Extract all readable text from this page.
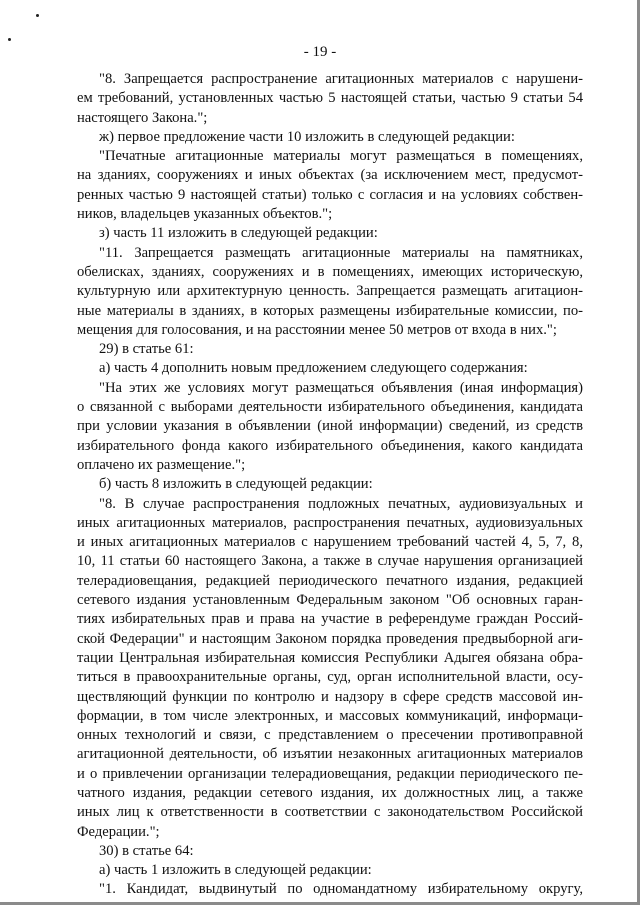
- 19 -
"8. Запрещается распространение агитационных материалов с нарушени-
ем требований, установленных частью 5 настоящей статьи, частью 9 статьи 54
настоящего Закона.";
ж) первое предложение части 10 изложить в следующей редакции:
"Печатные агитационные материалы могут размещаться в помещениях,
на зданиях, сооружениях и иных объектах (за исключением мест, предусмот-
ренных частью 9 настоящей статьи) только с согласия и на условиях собствен-
ников, владельцев указанных объектов.";
з) часть 11 изложить в следующей редакции:
"11. Запрещается размещать агитационные материалы на памятниках,
обелисках, зданиях, сооружениях и в помещениях, имеющих историческую,
культурную или архитектурную ценность. Запрещается размещать агитацион-
ные материалы в зданиях, в которых размещены избирательные комиссии, по-
мещения для голосования, и на расстоянии менее 50 метров от входа в них.";
29) в статье 61:
а) часть 4 дополнить новым предложением следующего содержания:
"На этих же условиях могут размещаться объявления (иная информация)
о связанной с выборами деятельности избирательного объединения, кандидата
при условии указания в объявлении (иной информации) сведений, из средств
избирательного фонда какого избирательного объединения, какого кандидата
оплачено их размещение.";
б) часть 8 изложить в следующей редакции:
"8. В случае распространения подложных печатных, аудиовизуальных и
иных агитационных материалов, распространения печатных, аудиовизуальных
и иных агитационных материалов с нарушением требований частей 4, 5, 7, 8,
10, 11 статьи 60 настоящего Закона, а также в случае нарушения организацией
телерадиовещания, редакцией периодического печатного издания, редакцией
сетевого издания установленным Федеральным законом "Об основных гаран-
тиях избирательных прав и права на участие в референдуме граждан Россий-
ской Федерации" и настоящим Законом порядка проведения предвыборной аги-
тации Центральная избирательная комиссия Республики Адыгея обязана обра-
титься в правоохранительные органы, суд, орган исполнительной власти, осу-
ществляющий функции по контролю и надзору в сфере средств массовой ин-
формации, в том числе электронных, и массовых коммуникаций, информаци-
онных технологий и связи, с представлением о пресечении противоправной
агитационной деятельности, об изъятии незаконных агитационных материалов
и о привлечении организации телерадиовещания, редакции периодического пе-
чатного издания, редакции сетевого издания, их должностных лиц, а также
иных лиц к ответственности в соответствии с законодательством Российской
Федерации.";
30) в статье 64:
а) часть 1 изложить в следующей редакции:
"1. Кандидат, выдвинутый по одномандатному избирательному округу,
